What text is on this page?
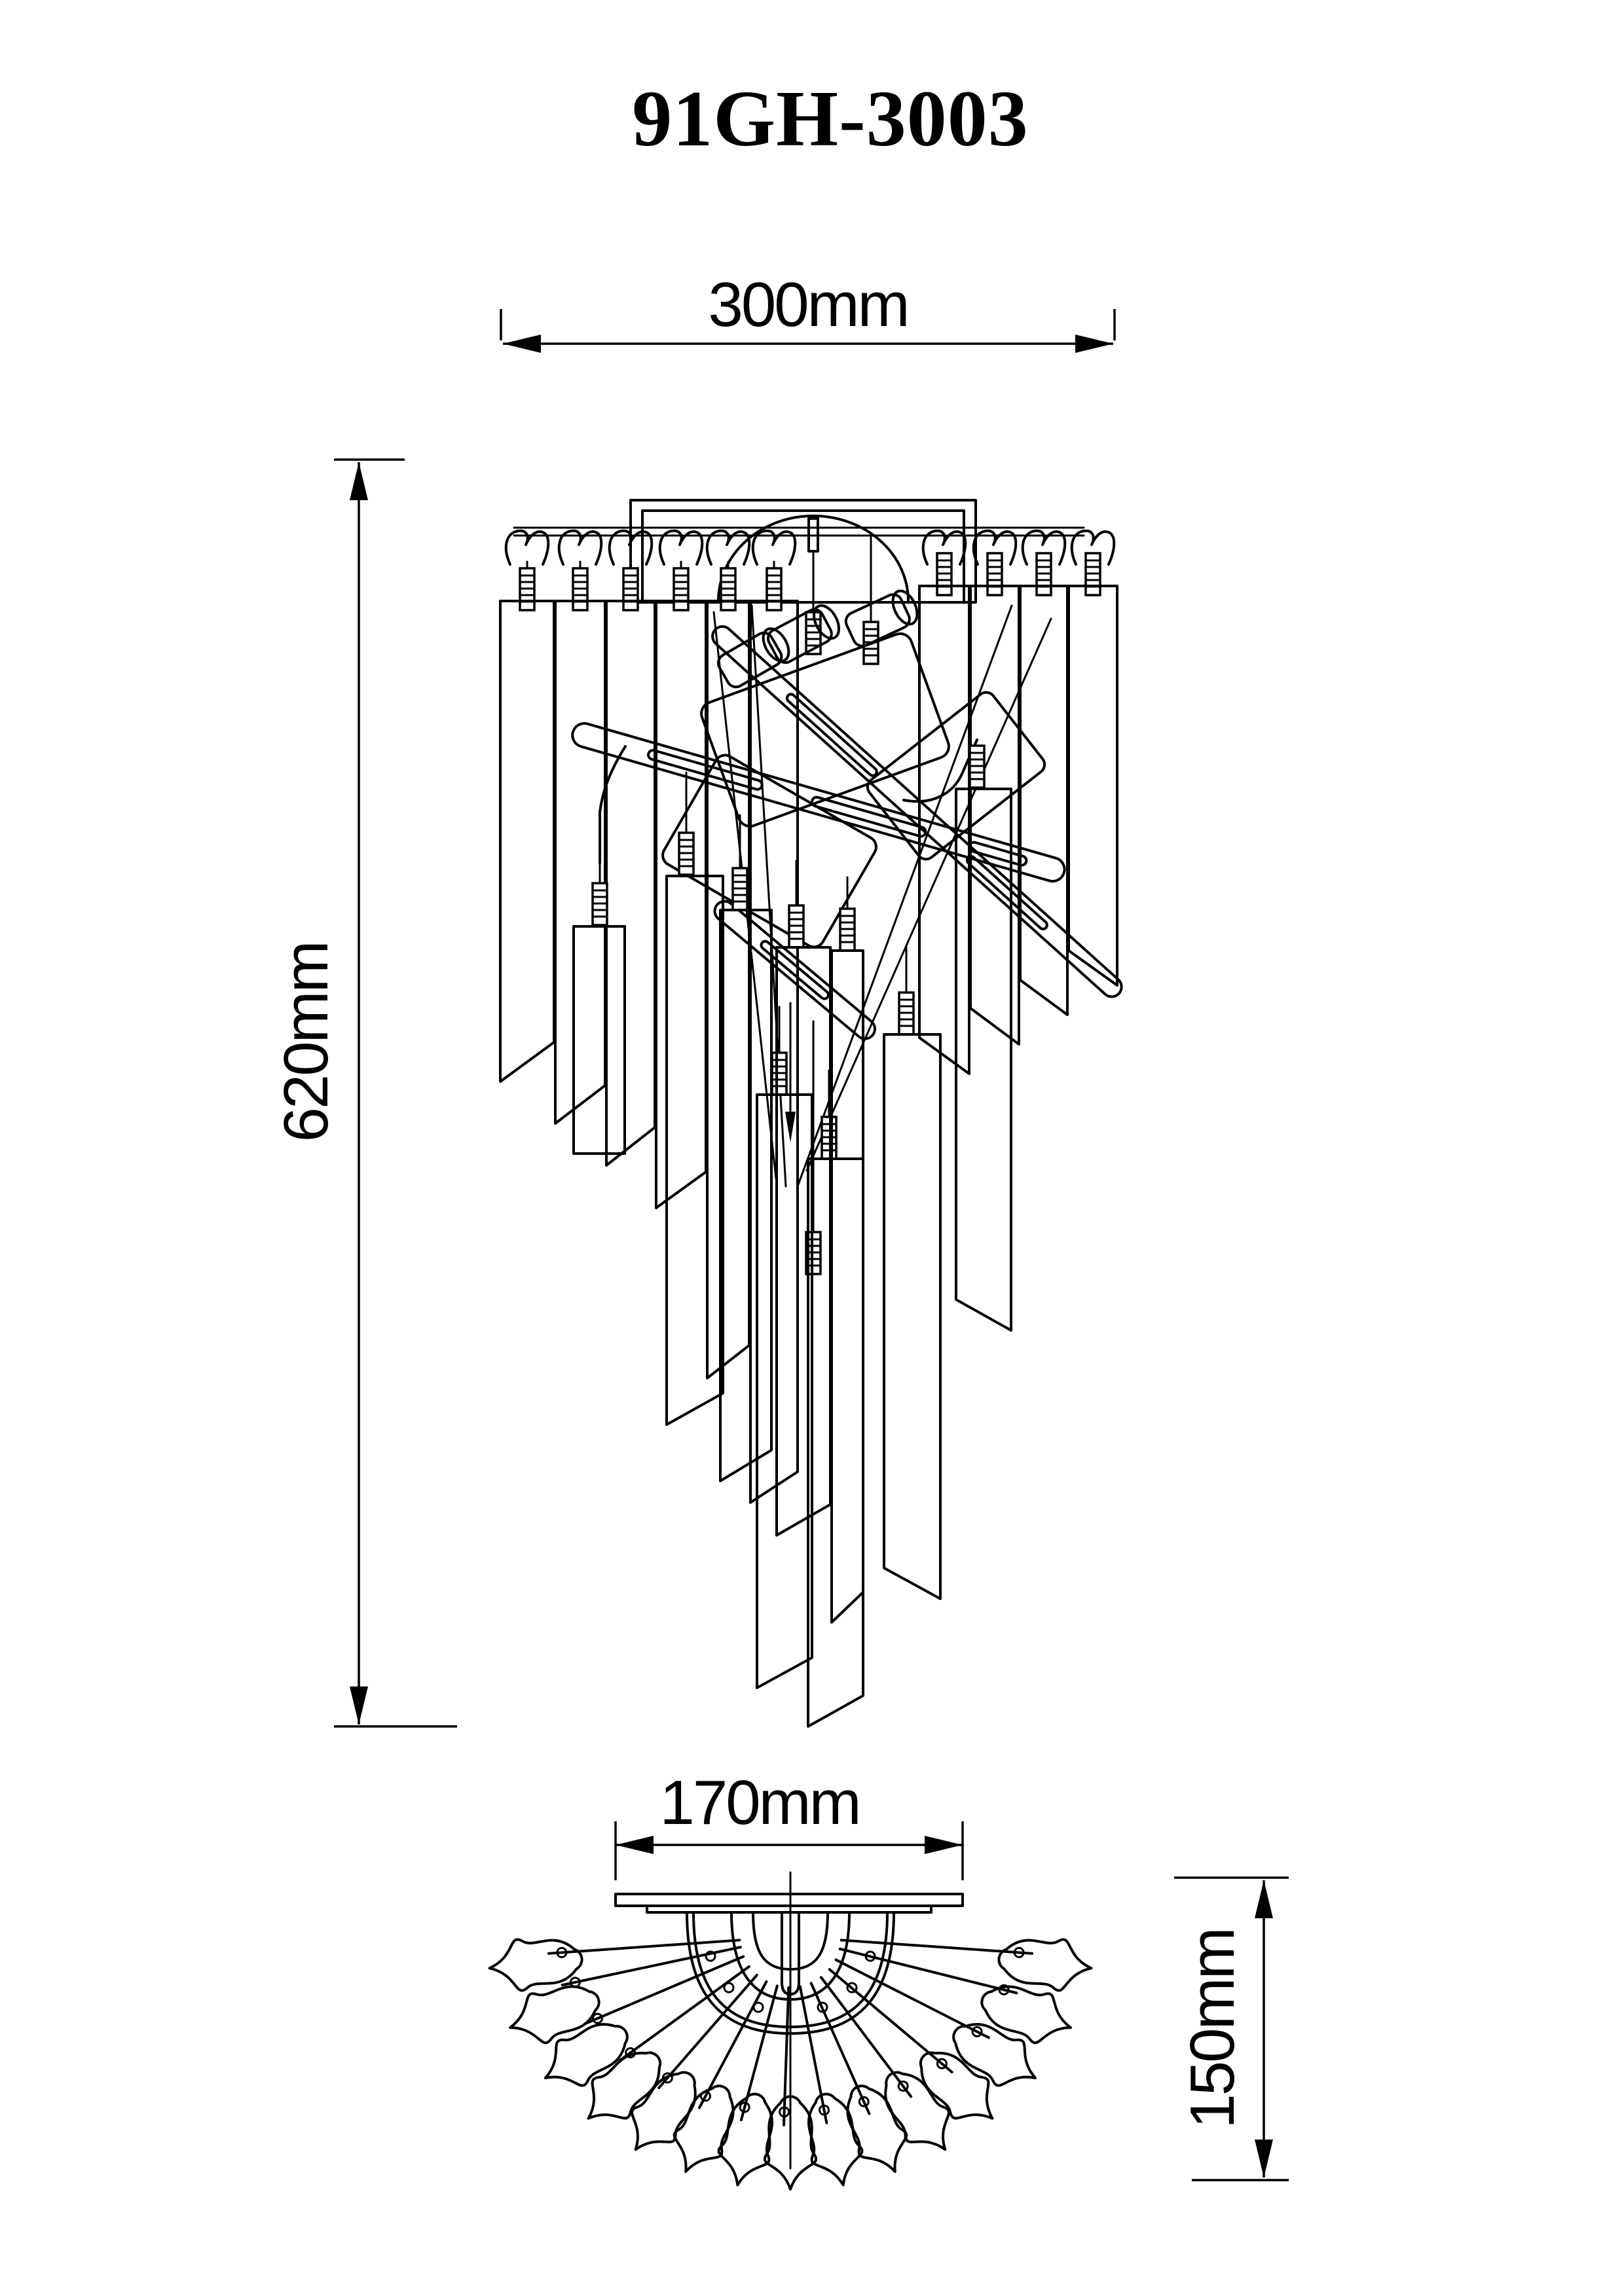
91GH-3003
300mm
620mm
170mm
150mm
